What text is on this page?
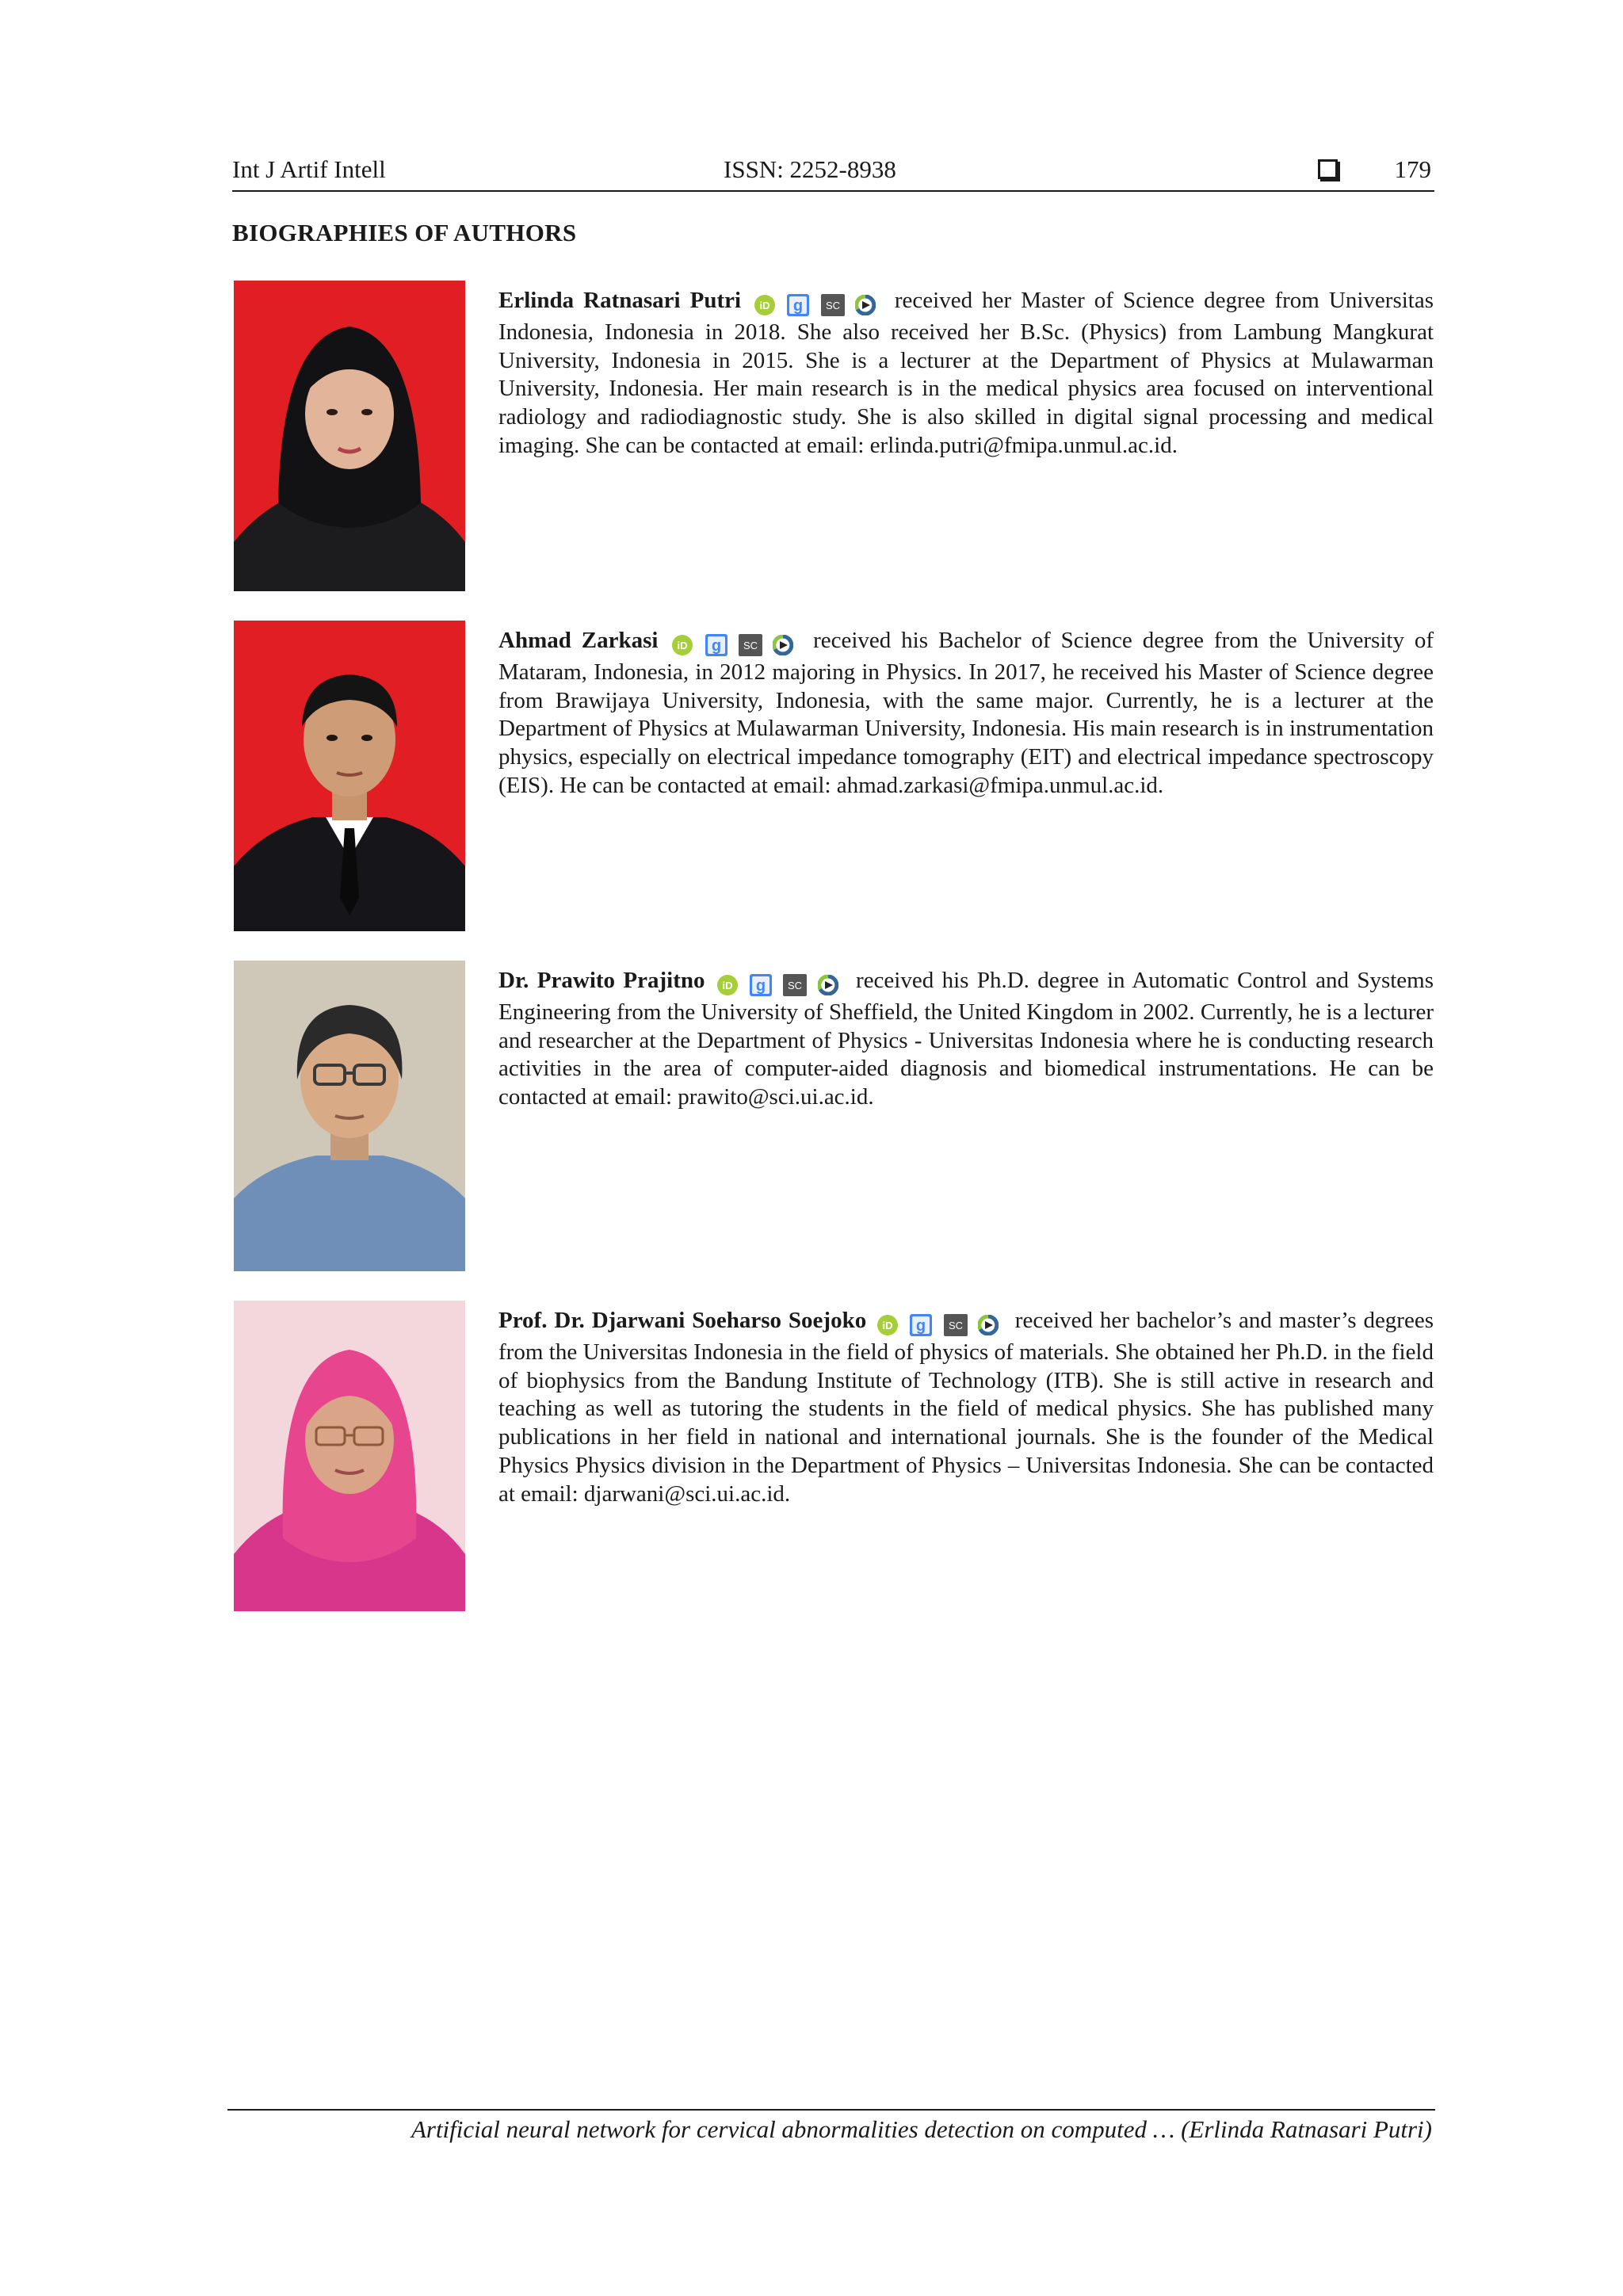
Int J Artif Intell	ISSN: 2252-8938	179
BIOGRAPHIES OF AUTHORS

Erlinda Ratnasari Putri iD
g
SC
received her Master of Science degree from Universitas Indonesia, Indonesia in 2018. She also received her B.Sc. (Physics) from Lambung Mangkurat University, Indonesia in 2015. She is a lecturer at the Department of Physics at Mulawarman University, Indonesia. Her main research is in the medical physics area focused on interventional radiology and radiodiagnostic study. She is also skilled in digital signal processing and medical imaging. She can be contacted at email: erlinda.putri@fmipa.unmul.ac.id.

Ahmad Zarkasi iD
g
SC
received his Bachelor of Science degree from the University of Mataram, Indonesia, in 2012 majoring in Physics. In 2017, he received his Master of Science degree from Brawijaya University, Indonesia, with the same major. Currently, he is a lecturer at the Department of Physics at Mulawarman University, Indonesia. His main research is in instrumentation physics, especially on electrical impedance tomography (EIT) and electrical impedance spectroscopy (EIS). He can be contacted at email: ahmad.zarkasi@fmipa.unmul.ac.id.

Dr. Prawito Prajitno iD
g
SC
received his Ph.D. degree in Automatic Control and Systems Engineering from the University of Sheffield, the United Kingdom in 2002. Currently, he is a lecturer and researcher at the Department of Physics - Universitas Indonesia where he is conducting research activities in the area of computer-aided diagnosis and biomedical instrumentations. He can be contacted at email: prawito@sci.ui.ac.id.

Prof. Dr. Djarwani Soeharso Soejoko iD
g
SC
received her bachelor’s and master’s degrees from the Universitas Indonesia in the field of physics of materials. She obtained her Ph.D. in the field of biophysics from the Bandung Institute of Technology (ITB). She is still active in research and teaching as well as tutoring the students in the field of medical physics. She has published many publications in her field in national and international journals. She is the founder of the Medical Physics Physics division in the Department of Physics – Universitas Indonesia. She can be contacted at email: djarwani@sci.ui.ac.id.

Artificial neural network for cervical abnormalities detection on computed … (Erlinda Ratnasari Putri)
